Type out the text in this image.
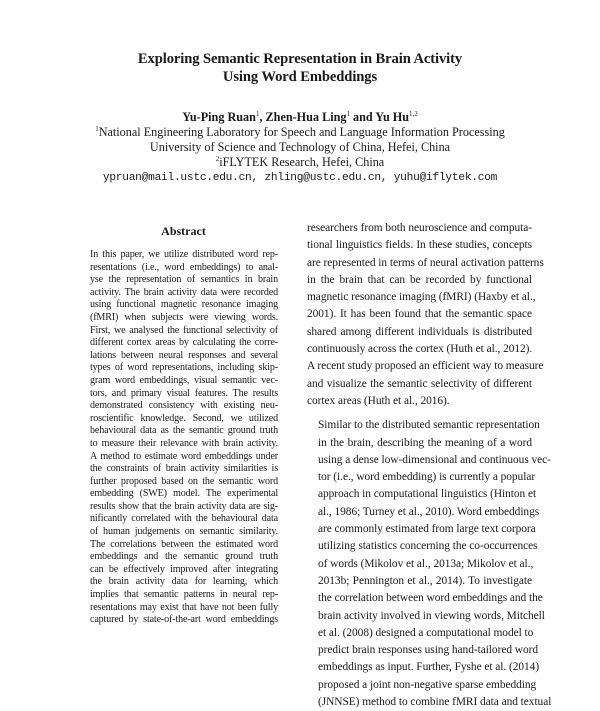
Exploring Semantic Representation in Brain Activity
Using Word Embeddings
Yu-Ping Ruan$^1$, Zhen-Hua Ling$^1$ and Yu Hu$^{1,2}$
$^1$National Engineering Laboratory for Speech and Language Information Processing
University of Science and Technology of China, Hefei, China
$^2$iFLYTEK Research, Hefei, China
ypruan@mail.ustc.edu.cn, zhling@ustc.edu.cn, yuhu@iflytek.com
Abstract
In this paper, we utilize distributed word rep-
resentations (i.e., word embeddings) to anal-
yse the representation of semantics in brain
activity. The brain activity data were recorded
using functional magnetic resonance imaging
(fMRI) when subjects were viewing words.
First, we analysed the functional selectivity of
different cortex areas by calculating the corre-
lations between neural responses and several
types of word representations, including skip-
gram word embeddings, visual semantic vec-
tors, and primary visual features. The results
demonstrated consistency with existing neu-
roscientific knowledge. Second, we utilized
behavioural data as the semantic ground truth
to measure their relevance with brain activity.
A method to estimate word embeddings under
the constraints of brain activity similarities is
further proposed based on the semantic word
embedding (SWE) model. The experimental
results show that the brain activity data are sig-
nificantly correlated with the behavioural data
of human judgements on semantic similarity.
The correlations between the estimated word
embeddings and the semantic ground truth
can be effectively improved after integrating
the brain activity data for learning, which
implies that semantic patterns in neural rep-
resentations may exist that have not been fully
captured by state-of-the-art word embeddings

researchers from both neuroscience and computa-
tional linguistics fields. In these studies, concepts
are represented in terms of neural activation patterns
in the brain that can be recorded by functional
magnetic resonance imaging (fMRI) (Haxby et al.,
2001). It has been found that the semantic space
shared among different individuals is distributed
continuously across the cortex (Huth et al., 2012).
A recent study proposed an efficient way to measure
and visualize the semantic selectivity of different
cortex areas (Huth et al., 2016).

Similar to the distributed semantic representation
in the brain, describing the meaning of a word
using a dense low-dimensional and continuous vec-
tor (i.e., word embedding) is currently a popular
approach in computational linguistics (Hinton et
al., 1986; Turney et al., 2010). Word embeddings
are commonly estimated from large text corpora
utilizing statistics concerning the co-occurrences
of words (Mikolov et al., 2013a; Mikolov et al.,
2013b; Pennington et al., 2014). To investigate
the correlation between word embeddings and the
brain activity involved in viewing words, Mitchell
et al. (2008) designed a computational model to
predict brain responses using hand-tailored word
embeddings as input. Further, Fyshe et al. (2014)
proposed a joint non-negative sparse embedding
(JNNSE) method to combine fMRI data and textual
